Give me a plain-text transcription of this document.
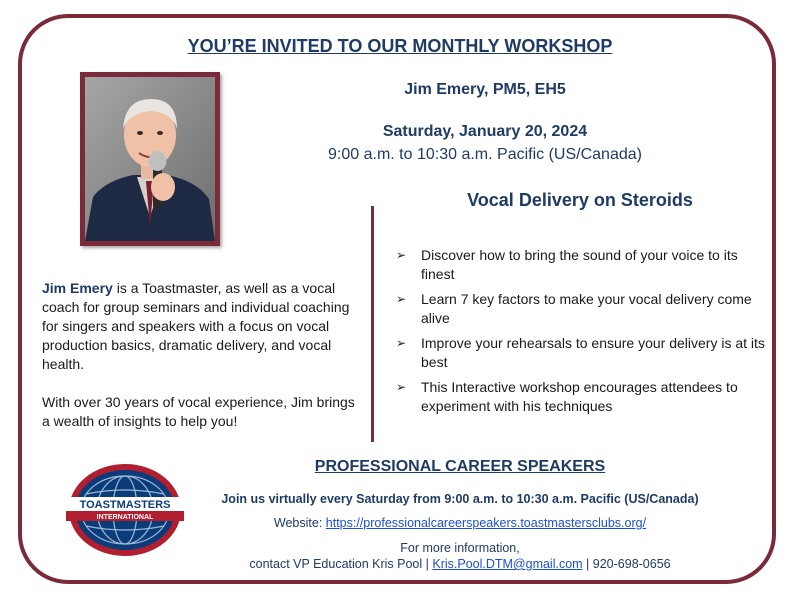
YOU’RE INVITED TO OUR MONTHLY WORKSHOP
Jim Emery, PM5, EH5
Saturday, January 20, 2024
9:00 a.m. to 10:30 a.m. Pacific (US/Canada)
Vocal Delivery on Steroids

Jim Emery is a Toastmaster, as well as a vocal coach for group seminars and individual coaching for singers and speakers with a focus on vocal production basics, dramatic delivery, and vocal health.

With over 30 years of vocal experience, Jim brings a wealth of insights to help you!

➢ Discover how to bring the sound of your voice to its finest
➢ Learn 7 key factors to make your vocal delivery come alive
➢ Improve your rehearsals to ensure your delivery is at its best
➢ This Interactive workshop encourages attendees to experiment with his techniques
TOASTMASTERS
INTERNATIONAL
PROFESSIONAL CAREER SPEAKERS
Join us virtually every Saturday from 9:00 a.m. to 10:30 a.m. Pacific (US/Canada)
Website: https://professionalcareerspeakers.toastmastersclubs.org/
For more information,
contact VP Education Kris Pool | Kris.Pool.DTM@gmail.com | 920-698-0656
